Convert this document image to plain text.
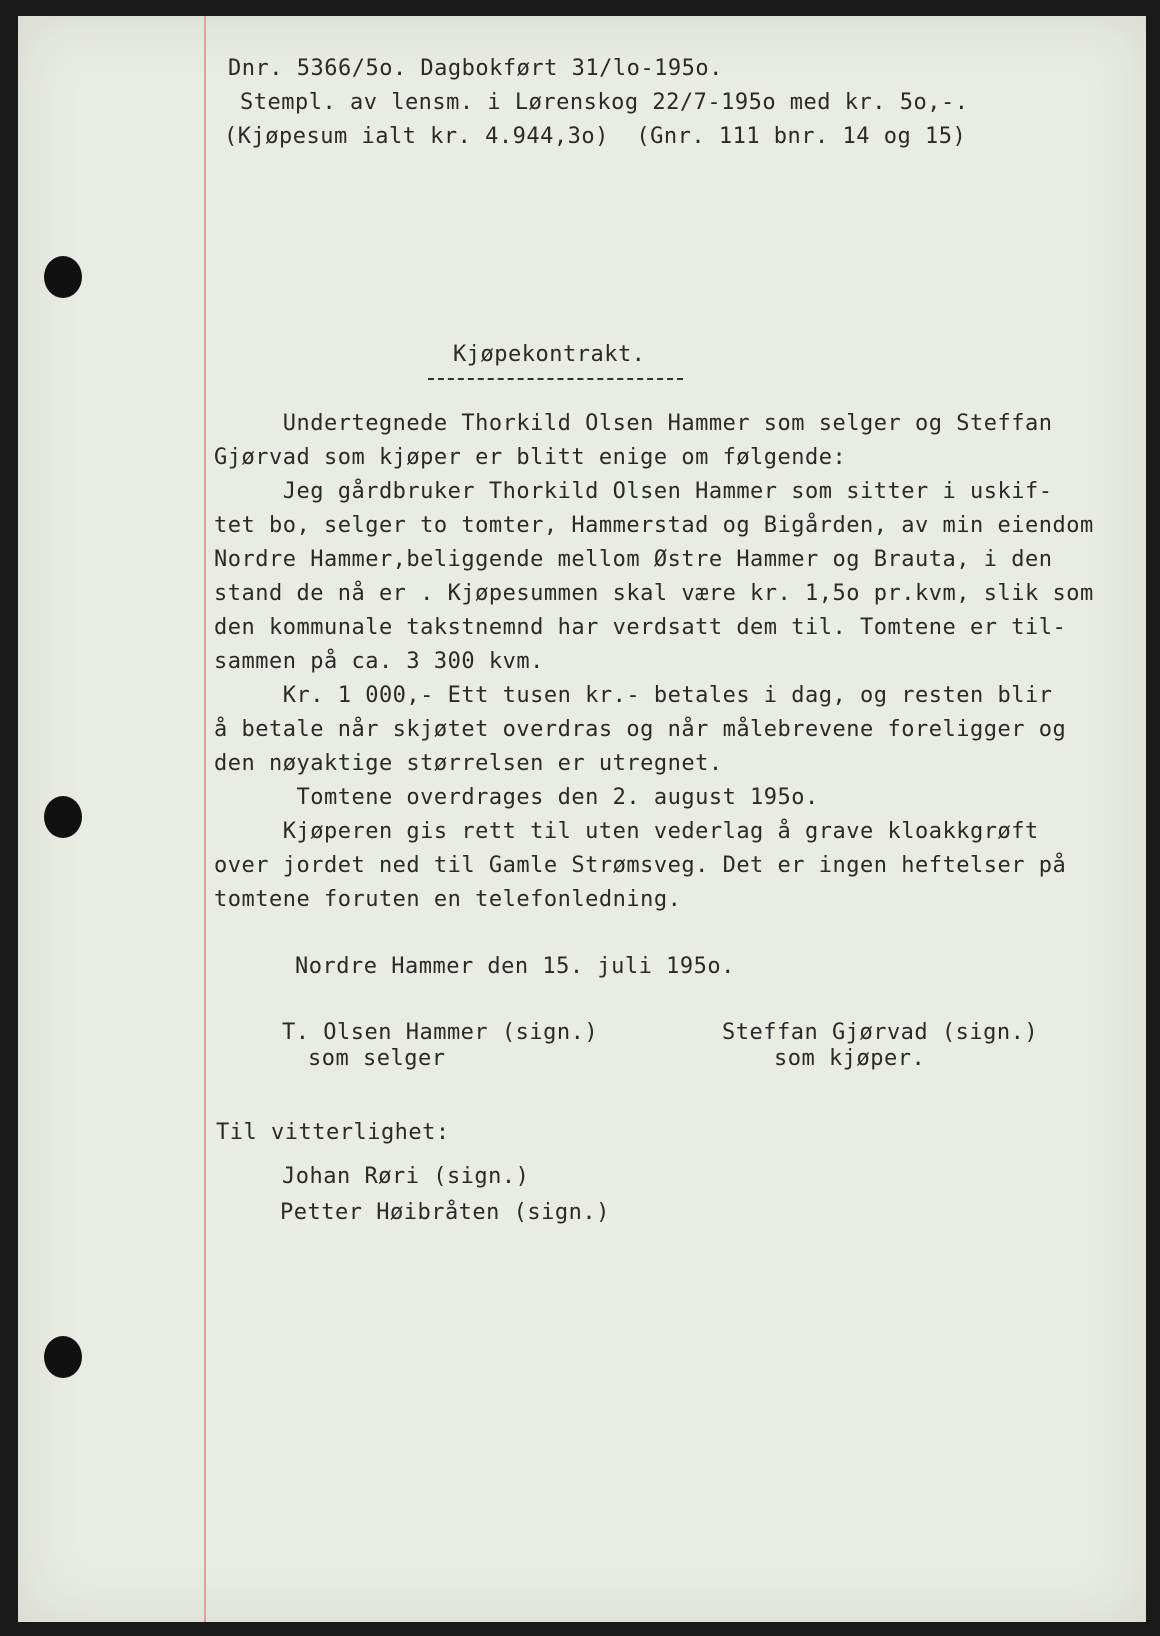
Dnr. 5366/5o. Dagbokført 31/lo-195o.
Stempl. av lensm. i Lørenskog 22/7-195o med kr. 5o,-.
(Kjøpesum ialt kr. 4.944,3o)  (Gnr. 111 bnr. 14 og 15)
Kjøpekontrakt.
Undertegnede Thorkild Olsen Hammer som selger og Steffan
Gjørvad som kjøper er blitt enige om følgende:
Jeg gårdbruker Thorkild Olsen Hammer som sitter i uskif-
tet bo, selger to tomter, Hammerstad og Bigården, av min eiendom
Nordre Hammer,beliggende mellom Østre Hammer og Brauta, i den
stand de nå er . Kjøpesummen skal være kr. 1,5o pr.kvm, slik som
den kommunale takstnemnd har verdsatt dem til. Tomtene er til-
sammen på ca. 3 300 kvm.
Kr. 1 000,- Ett tusen kr.- betales i dag, og resten blir
å betale når skjøtet overdras og når målebrevene foreligger og
den nøyaktige størrelsen er utregnet.
Tomtene overdrages den 2. august 195o.
Kjøperen gis rett til uten vederlag å grave kloakkgrøft
over jordet ned til Gamle Strømsveg. Det er ingen heftelser på
tomtene foruten en telefonledning.
Nordre Hammer den 15. juli 195o.
T. Olsen Hammer (sign.)
som selger
Steffan Gjørvad (sign.)
som kjøper.
Til vitterlighet:
Johan Røri (sign.)
Petter Høibråten (sign.)
